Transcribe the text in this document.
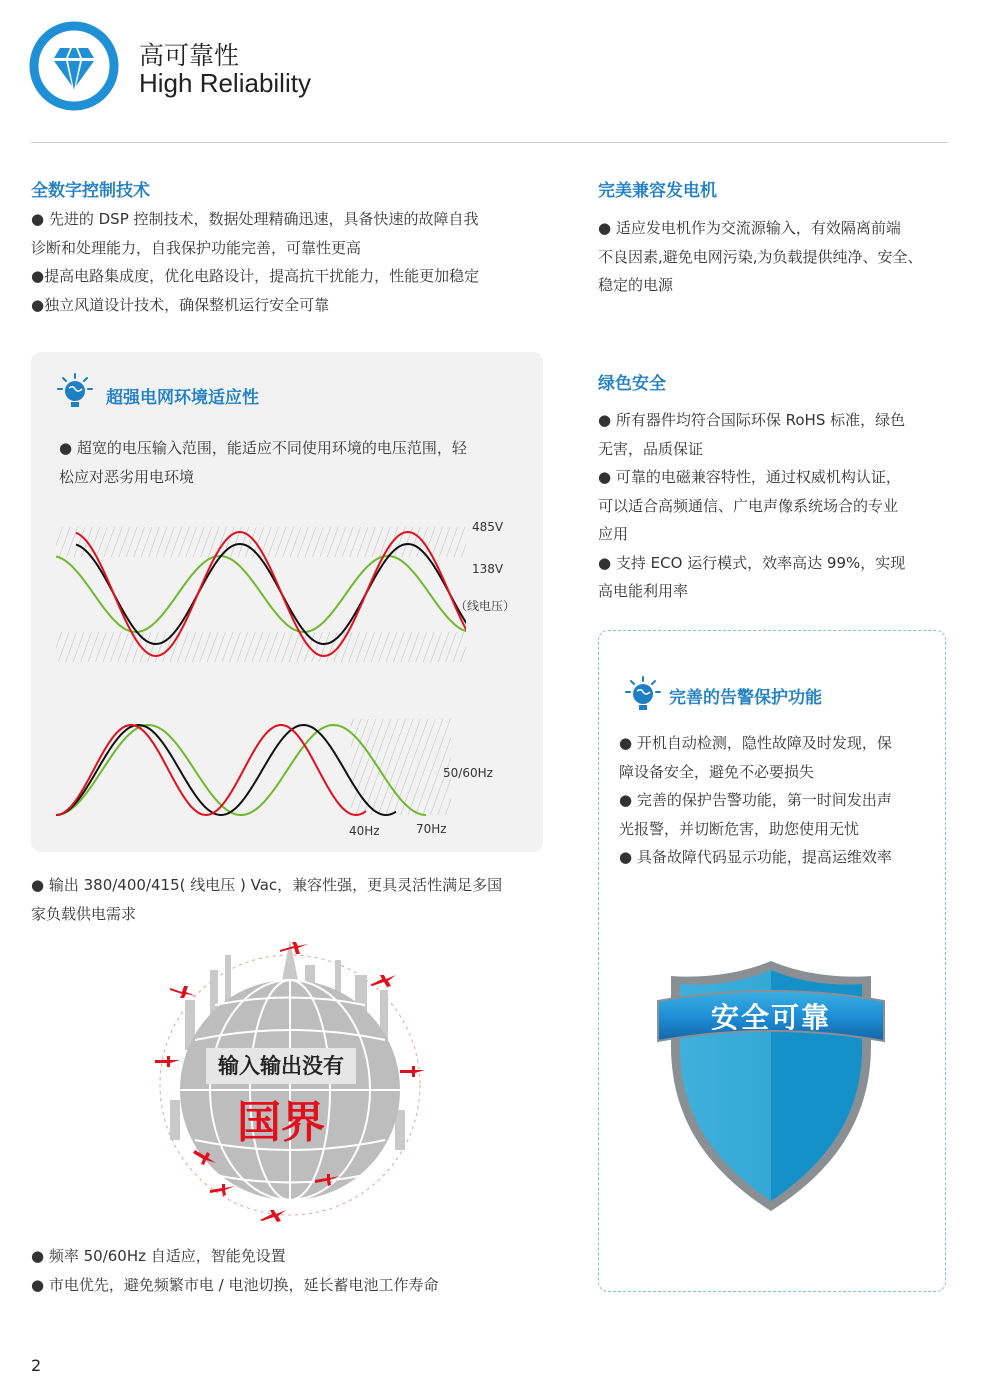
高可靠性
High Reliability
全数字控制技术

● 先进的 DSP 控制技术，数据处理精确迅速，具备快速的故障自我

诊断和处理能力，自我保护功能完善，可靠性更高

●提高电路集成度，优化电路设计，提高抗干扰能力，性能更加稳定

●独立风道设计技术，确保整机运行安全可靠

超强电网环境适应性

● 超宽的电压输入范围，能适应不同使用环境的电压范围，轻

松应对恶劣用电环境

485V
138V
（线电压）
50/60Hz
40Hz	70Hz

● 输出 380/400/415( 线电压 ) Vac，兼容性强，更具灵活性满足多国

家负载供电需求

输入输出没有
国界

● 频率 50/60Hz 自适应，智能免设置

● 市电优先，避免频繁市电 / 电池切换，延长蓄电池工作寿命

完美兼容发电机

● 适应发电机作为交流源输入，有效隔离前端

不良因素,避免电网污染,为负载提供纯净、安全、

稳定的电源

绿色安全

● 所有器件均符合国际环保 RoHS 标准，绿色

无害，品质保证

● 可靠的电磁兼容特性，通过权威机构认证，

可以适合高频通信、广电声像系统场合的专业

应用

● 支持 ECO 运行模式，效率高达 99%，实现

高电能利用率

完善的告警保护功能

● 开机自动检测，隐性故障及时发现，保

障设备安全，避免不必要损失

● 完善的保护告警功能，第一时间发出声

光报警，并切断危害，助您使用无忧

● 具备故障代码显示功能，提高运维效率

安全可靠
2
